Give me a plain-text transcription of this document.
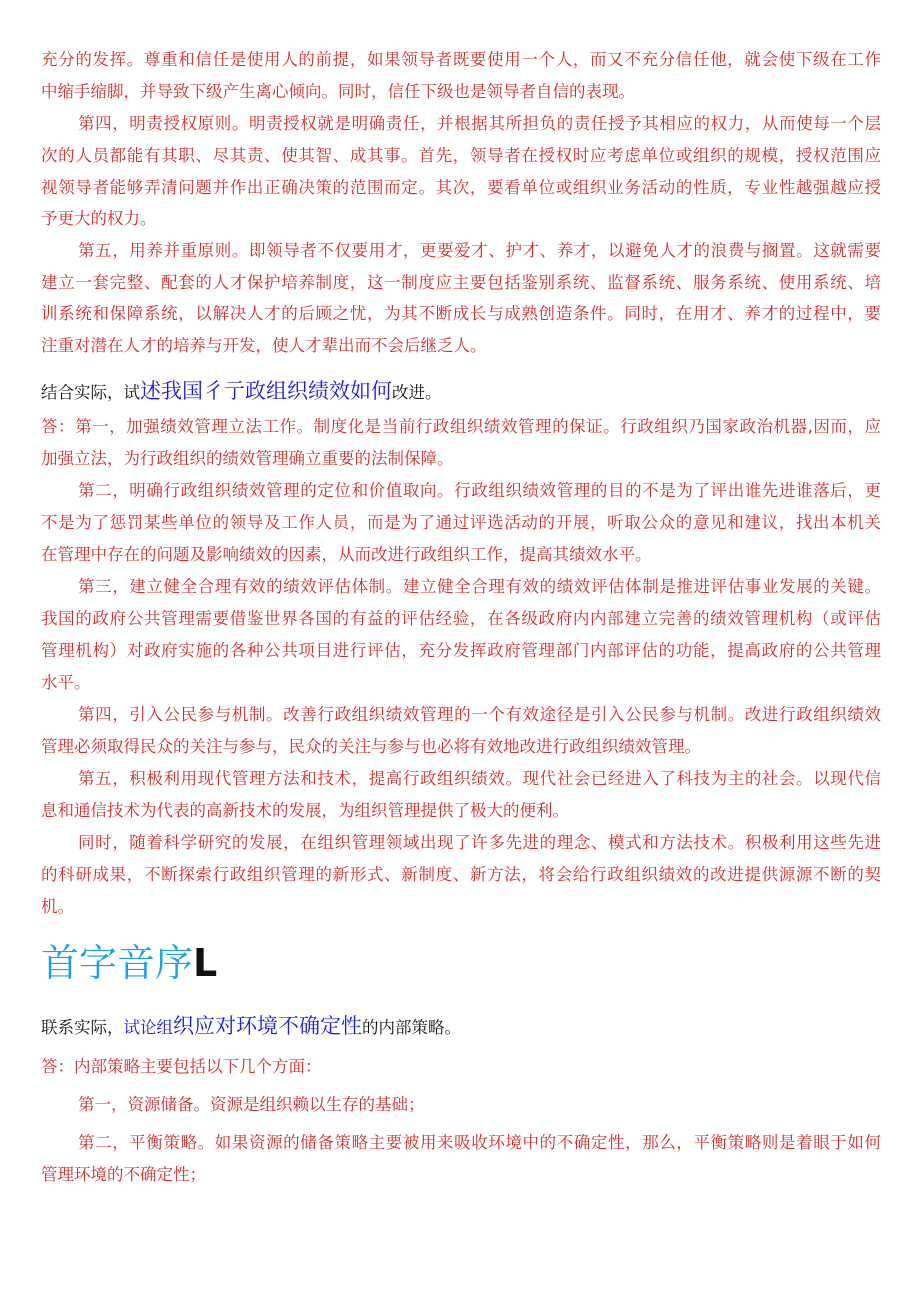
充分的发挥。尊重和信任是使用人的前提，如果领导者既要使用一个人，而又不充分信任他，就会使下级在工作
中缩手缩脚，并导致下级产生离心倾向。同时，信任下级也是领导者自信的表现。
第四，明责授权原则。明责授权就是明确责任，并根据其所担负的责任授予其相应的权力，从而使每一个层
次的人员都能有其职、尽其责、使其智、成其事。首先，领导者在授权时应考虑单位或组织的规模，授权范围应
视领导者能够弄清问题并作出正确决策的范围而定。其次，要看单位或组织业务活动的性质，专业性越强越应授
予更大的权力。
第五，用养并重原则。即领导者不仅要用才，更要爱才、护才、养才，以避免人才的浪费与搁置。这就需要
建立一套完整、配套的人才保护培养制度，这一制度应主要包括鉴别系统、监督系统、服务系统、使用系统、培
训系统和保障系统，以解决人才的后顾之忧，为其不断成长与成熟创造条件。同时，在用才、养才的过程中，要
注重对潜在人才的培养与开发，使人才辈出而不会后继乏人。
结合实际，试述我国彳亍政组织绩效如何改进。
答：第一，加强绩效管理立法工作。制度化是当前行政组织绩效管理的保证。行政组织乃国家政治机器,因而，应
加强立法，为行政组织的绩效管理确立重要的法制保障。
第二，明确行政组织绩效管理的定位和价值取向。行政组织绩效管理的目的不是为了评出谁先进谁落后，更
不是为了惩罚某些单位的领导及工作人员，而是为了通过评选活动的开展，听取公众的意见和建议，找出本机关
在管理中存在的问题及影响绩效的因素，从而改进行政组织工作，提高其绩效水平。
第三，建立健全合理有效的绩效评估体制。建立健全合理有效的绩效评估体制是推进评估事业发展的关键。
我国的政府公共管理需要借鉴世界各国的有益的评估经验，在各级政府内内部建立完善的绩效管理机构（或评估
管理机构）对政府实施的各种公共项目进行评估，充分发挥政府管理部门内部评估的功能，提高政府的公共管理
水平。
第四，引入公民参与机制。改善行政组织绩效管理的一个有效途径是引入公民参与机制。改进行政组织绩效
管理必须取得民众的关注与参与，民众的关注与参与也必将有效地改进行政组织绩效管理。
第五，积极利用现代管理方法和技术，提高行政组织绩效。现代社会已经进入了科技为主的社会。以现代信
息和通信技术为代表的高新技术的发展，为组织管理提供了极大的便利。
同时，随着科学研究的发展，在组织管理领域出现了许多先进的理念、模式和方法技术。积极利用这些先进
的科研成果，不断探索行政组织管理的新形式、新制度、新方法，将会给行政组织绩效的改进提供源源不断的契
机。
首字音序L
联系实际，试论组织应对环境不确定性的内部策略。
答：内部策略主要包括以下几个方面：
第一，资源储备。资源是组织赖以生存的基础；
第二，平衡策略。如果资源的储备策略主要被用来吸收环境中的不确定性，那么，平衡策略则是着眼于如何
管理环境的不确定性；
